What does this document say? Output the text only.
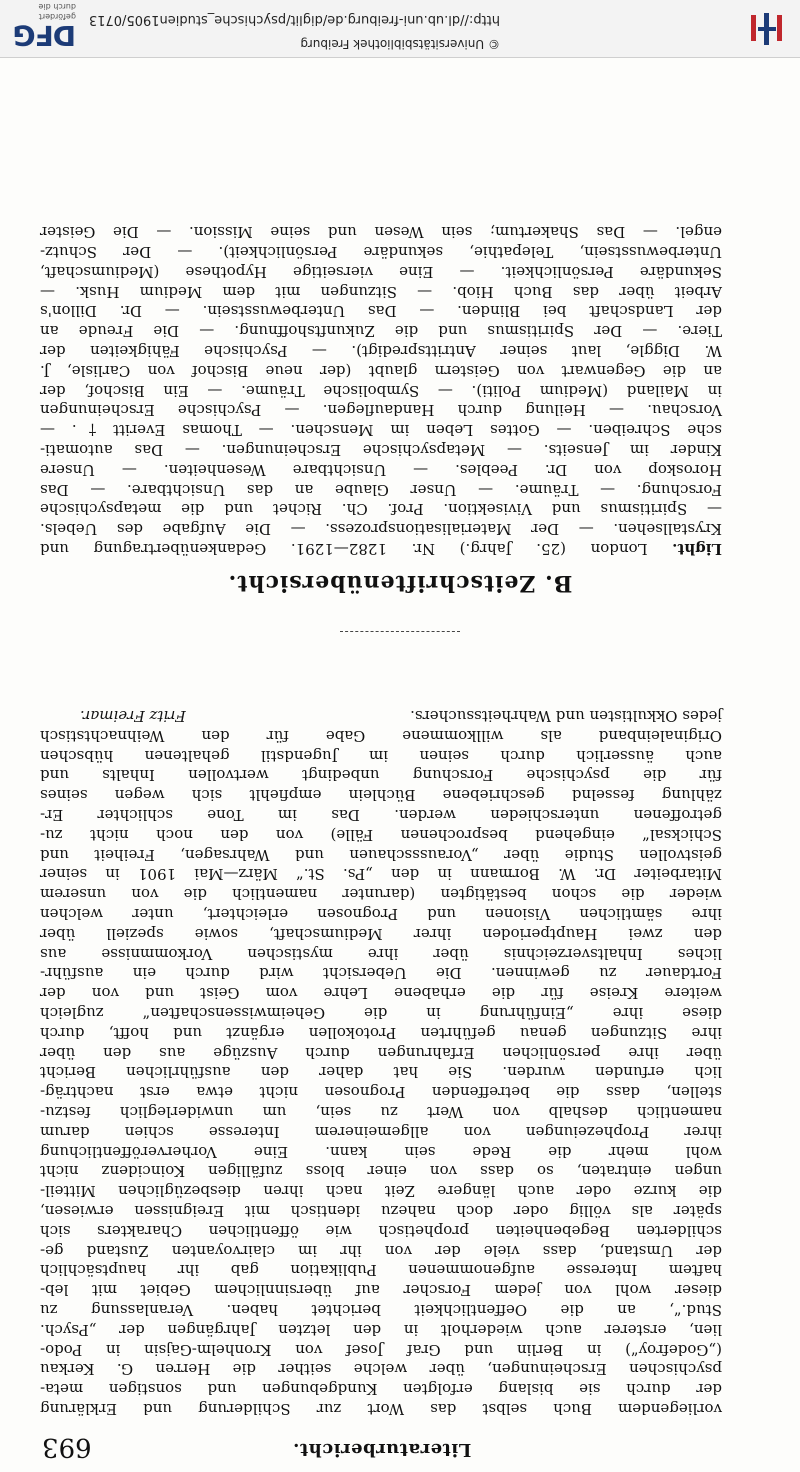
Literaturbericht.
693
vorliegendem Buch selbst das Wort zur Schilderung und Erklärung
der durch sie bislang erfolgten Kundgebungen und sonstigen meta-
psychischen Erscheinungen, über welche seither die Herren G. Kerkau
(„Godefroy“) in Berlin und Graf Josef von Kronhelm-Gajsin in Podo-
lien, ersterer auch wiederholt in den letzten Jahrgängen der „Psych.
Stud.“, an die Oeffentlichkeit berichtet haben. Veranlassung zu
dieser wohl von jedem Forscher auf übersinnlichem Gebiet mit leb-
haftem Interesse aufgenommenen Publikation gab ihr hauptsächlich
der Umstand, dass viele der von ihr im clairvoyanten Zustand ge-
schilderten Begebenheiten prophetisch wie öffentlichen Charakters sich
später als völlig oder doch nahezu identisch mit Ereignissen erwiesen,
die kurze oder auch längere Zeit nach ihren diesbezüglichen Mitteil-
ungen eintraten, so dass von einer bloss zufälligen Koincidenz nicht
wohl mehr die Rede sein kann. Eine Vorherveröffentlichung
ihrer Prophezeiungen von allgemeinerem Interesse schien darum
namentlich deshalb von Wert zu sein, um unwiderleglich festzu-
stellen, dass die betreffenden Prognosen nicht etwa erst nachträg-
lich erfunden wurden. Sie hat daher den ausführlichen Bericht
über ihre persönlichen Erfahrungen durch Auszüge aus den über
ihre Sitzungen genau geführten Protokollen ergänzt und hofft, durch
diese ihre „Einführung in die Geheimwissenschaften“ zugleich
weitere Kreise für die erhabene Lehre vom Geist und von der
Fortdauer zu gewinnen. Die Uebersicht wird durch ein ausführ-
liches Inhaltsverzeichnis über ihre mystischen Vorkommnisse aus
den zwei Hauptperioden ihrer Mediumschaft, sowie speziell über
ihre sämtlichen Visionen und Prognosen erleichtert, unter welchen
wieder die schon bestätigten (darunter namentlich die von unserem
Mitarbeiter Dr. W. Bormann in den „Ps. St.“ März—Mai 1901 in seiner
geistvollen Studie über „Voraussschauen und Wahrsagen, Freiheit und
Schicksal“ eingehend besprochenen Fälle) von den noch nicht zu-
getroffenen unterschieden werden. Das im Tone schlichter Er-
zählung fesselnd geschriebene Büchlein empfiehlt sich wegen seines
für die psychische Forschung unbedingt wertvollen Inhalts und
auch äusserlich durch seinen im Jugendstil gehaltenen hübschen
Originaleinband als willkommene Gabe für den Weihnachtstisch
jedes Okkultisten und Wahrheitssuchers.
Fritz Freimar.
B. Zeitschriftenübersicht.
Light. London (25. Jahrg.) Nr. 1282—1291. Gedankenübertragung und
Krystallsehen. — Der Materialisationsprozess. — Die Aufgabe des Uebels.
— Spiritismus und Vivisektion. Prof. Ch. Richet und die metapsychische
Forschung. — Träume. — Unser Glaube an das Unsichtbare. — Das
Horoskop von Dr. Peebles. — Unsichtbare Wesenheiten. — Unsere
Kinder im Jenseits. — Metapsychische Erscheinungen. — Das automati-
sche Schreiben. — Gottes Leben im Menschen. — Thomas Everitt †. —
Vorschau. — Heilung durch Handauflegen. — Psychische Erscheinungen
in Mailand (Medium Politi). — Symbolische Träume. — Ein Bischof, der
an die Gegenwart von Geistern glaubt (der neue Bischof von Carlisle, J.
W. Diggle, laut seiner Antrittspredigt). — Psychische Fähigkeiten der
Tiere. — Der Spiritismus und die Zukunftshoffnung. — Die Freude an
der Landschaft bei Blinden. — Das Unterbewusstsein. — Dr. Dillon's
Arbeit über das Buch Hiob. — Sitzungen mit dem Medium Husk. —
Sekundäre Persönlichkeit. — Eine vierseitige Hypothese (Mediumschaft,
Unterbewusstsein, Telepathie, sekundäre Persönlichkeit). — Der Schutz-
engel. — Das Shakertum; sein Wesen und seine Mission. — Die Geister
© Universitätsbibliothek Freiburg
http://dl.ub.uni-freiburg.de/diglit/psychische_studien1905/0713
DFG
gefördert durch die
